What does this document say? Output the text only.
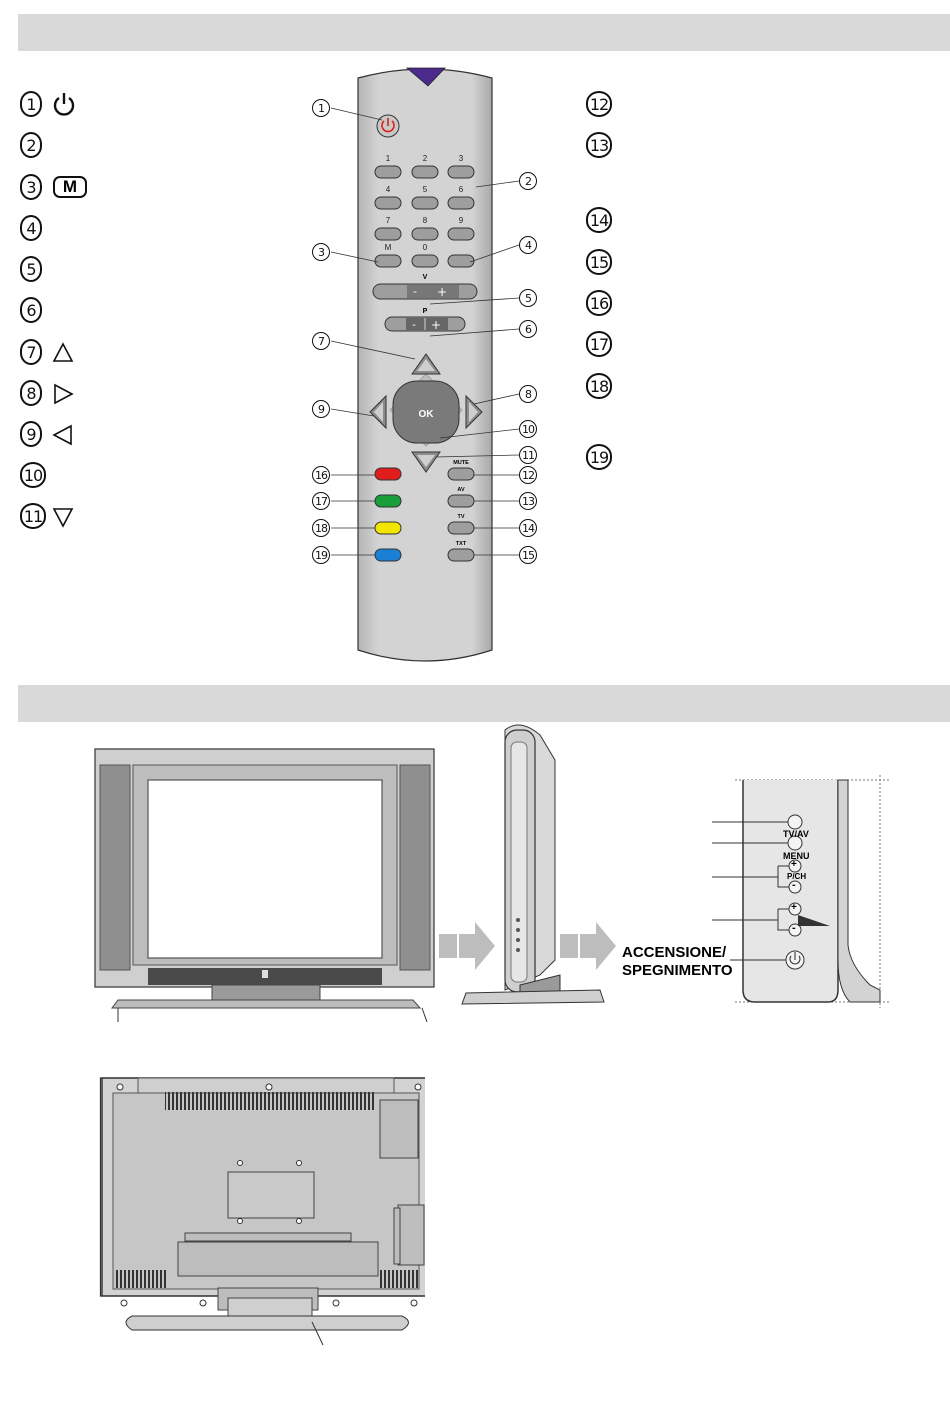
1
2
3 M
4
5
6
7
8
9
10
11
12
13
14
15
16
17
18
19
1	2	3
4	5	6
7	8	9
0
M
V
- +
P
- +
OK
MUTE
AV
TV
TXT
1
2
3
4
5
6
7
8
9
10
11
12
13
14
15
16
17
18
19
TV/AV
MENU
P/CH
+
-
+
-
ACCENSIONE/
SPEGNIMENTO
